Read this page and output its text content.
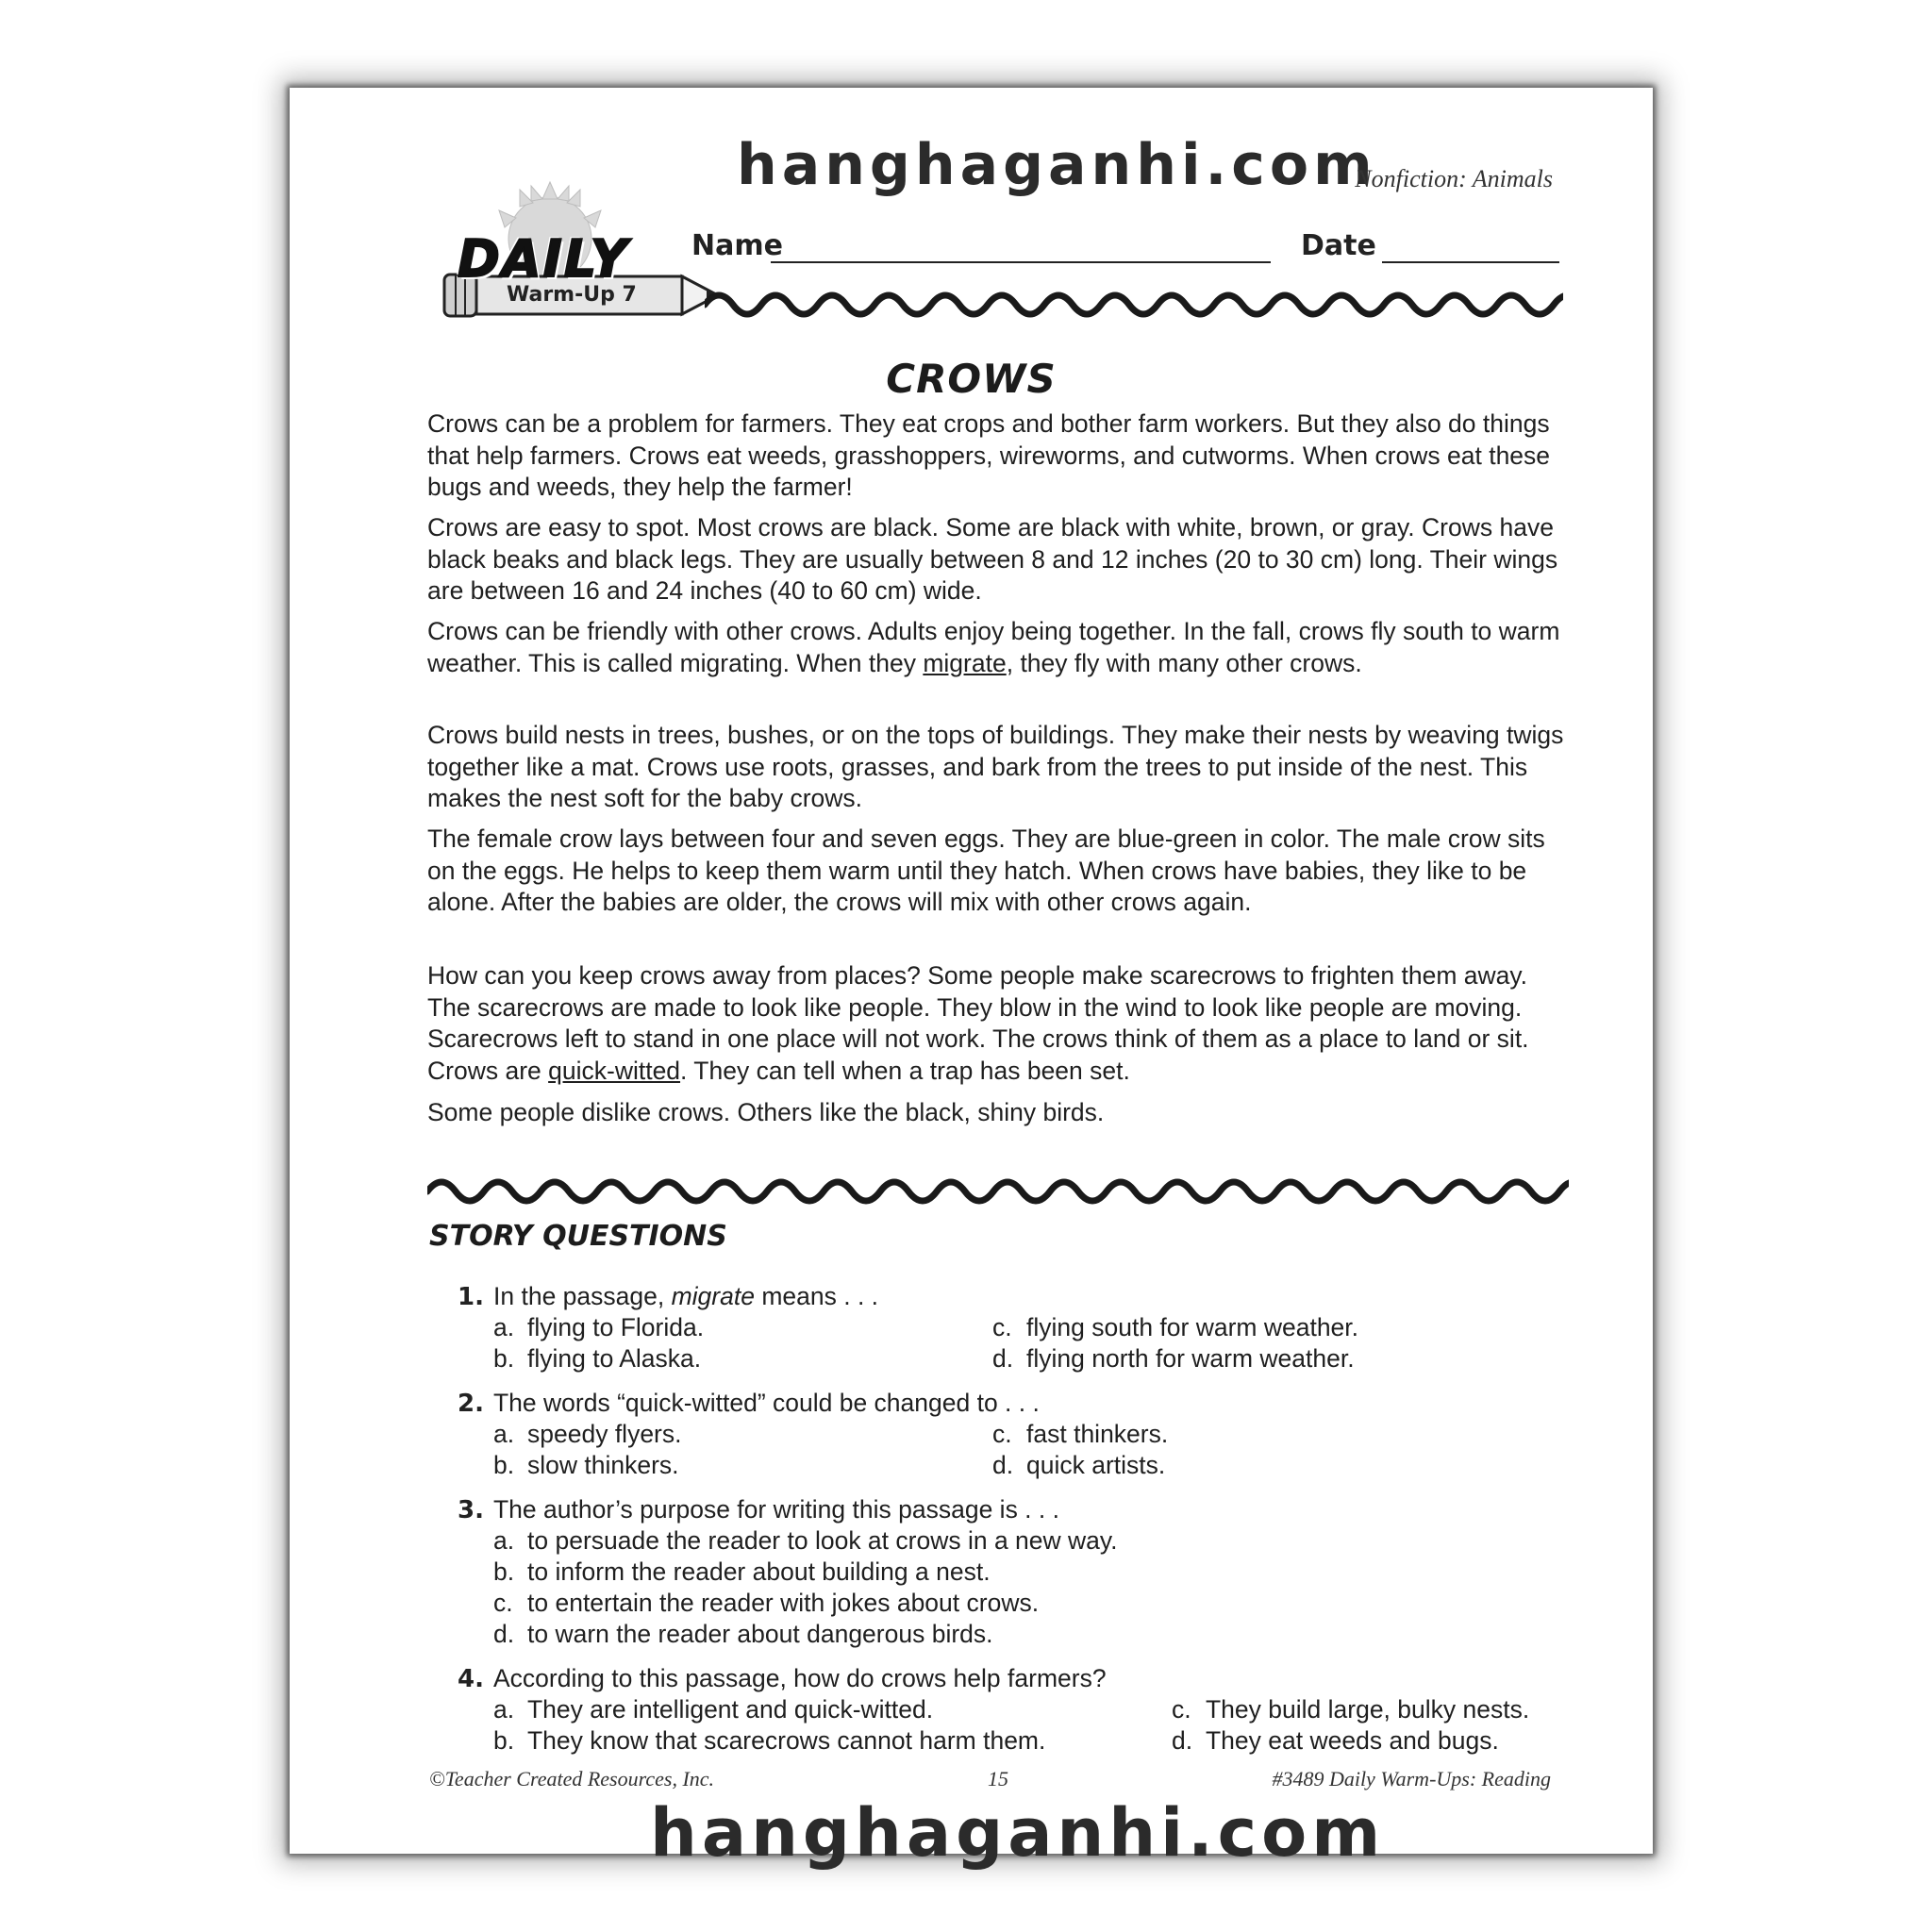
hanghaganhi.com
Nonfiction: Animals
DAILY
Warm-Up 7
Name	Date
CROWS

Crows can be a problem for farmers. They eat crops and bother farm workers. But they also do things that help farmers. Crows eat weeds, grasshoppers, wireworms, and cutworms. When crows eat these bugs and weeds, they help the farmer!

Crows are easy to spot. Most crows are black. Some are black with white, brown, or gray. Crows have black beaks and black legs. They are usually between 8 and 12 inches (20 to 30 cm) long. Their wings are between 16 and 24 inches (40 to 60 cm) wide.

Crows can be friendly with other crows. Adults enjoy being together. In the fall, crows fly south to warm weather. This is called migrating. When they migrate, they fly with many other crows.

Crows build nests in trees, bushes, or on the tops of buildings. They make their nests by weaving twigs together like a mat. Crows use roots, grasses, and bark from the trees to put inside of the nest. This makes the nest soft for the baby crows.

The female crow lays between four and seven eggs. They are blue-green in color. The male crow sits on the eggs. He helps to keep them warm until they hatch. When crows have babies, they like to be alone. After the babies are older, the crows will mix with other crows again.

How can you keep crows away from places? Some people make scarecrows to frighten them away. The scarecrows are made to look like people. They blow in the wind to look like people are moving. Scarecrows left to stand in one place will not work. The crows think of them as a place to land or sit. Crows are quick-witted. They can tell when a trap has been set.

Some people dislike crows. Others like the black, shiny birds.

STORY QUESTIONS
1. In the passage, migrate means . . .
a. flying to Florida.
b. flying to Alaska.
c. flying south for warm weather.
d. flying north for warm weather.
2. The words “quick-witted” could be changed to . . .
a. speedy flyers.
b. slow thinkers.
c. fast thinkers.
d. quick artists.
3. The author’s purpose for writing this passage is . . .
a. to persuade the reader to look at crows in a new way.
b. to inform the reader about building a nest.
c. to entertain the reader with jokes about crows.
d. to warn the reader about dangerous birds.
4. According to this passage, how do crows help farmers?
a. They are intelligent and quick-witted.
b. They know that scarecrows cannot harm them.
c. They build large, bulky nests.
d. They eat weeds and bugs.
©Teacher Created Resources, Inc.	15	#3489 Daily Warm-Ups: Reading
hanghaganhi.com
